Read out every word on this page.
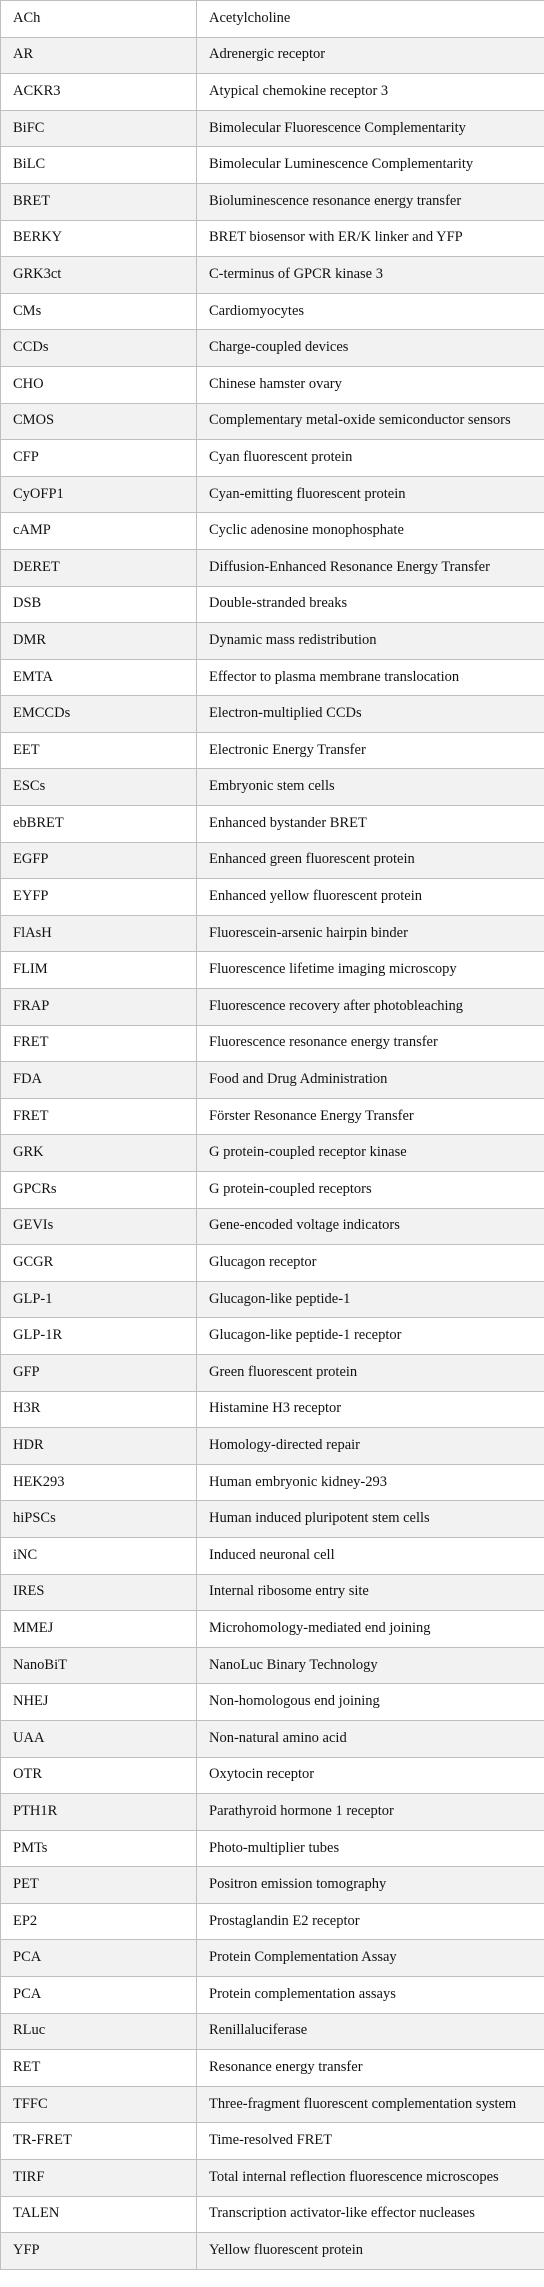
ACh	Acetylcholine
AR	Adrenergic receptor
ACKR3	Atypical chemokine receptor 3
BiFC	Bimolecular Fluorescence Complementarity
BiLC	Bimolecular Luminescence Complementarity
BRET	Bioluminescence resonance energy transfer
BERKY	BRET biosensor with ER/K linker and YFP
GRK3ct	C-terminus of GPCR kinase 3
CMs	Cardiomyocytes
CCDs	Charge-coupled devices
CHO	Chinese hamster ovary
CMOS	Complementary metal-oxide semiconductor sensors
CFP	Cyan fluorescent protein
CyOFP1	Cyan-emitting fluorescent protein
cAMP	Cyclic adenosine monophosphate
DERET	Diffusion-Enhanced Resonance Energy Transfer
DSB	Double-stranded breaks
DMR	Dynamic mass redistribution
EMTA	Effector to plasma membrane translocation
EMCCDs	Electron-multiplied CCDs
EET	Electronic Energy Transfer
ESCs	Embryonic stem cells
ebBRET	Enhanced bystander BRET
EGFP	Enhanced green fluorescent protein
EYFP	Enhanced yellow fluorescent protein
FlAsH	Fluorescein-arsenic hairpin binder
FLIM	Fluorescence lifetime imaging microscopy
FRAP	Fluorescence recovery after photobleaching
FRET	Fluorescence resonance energy transfer
FDA	Food and Drug Administration
FRET	Förster Resonance Energy Transfer
GRK	G protein-coupled receptor kinase
GPCRs	G protein-coupled receptors
GEVIs	Gene-encoded voltage indicators
GCGR	Glucagon receptor
GLP-1	Glucagon-like peptide-1
GLP-1R	Glucagon-like peptide-1 receptor
GFP	Green fluorescent protein
H3R	Histamine H3 receptor
HDR	Homology-directed repair
HEK293	Human embryonic kidney-293
hiPSCs	Human induced pluripotent stem cells
iNC	Induced neuronal cell
IRES	Internal ribosome entry site
MMEJ	Microhomology-mediated end joining
NanoBiT	NanoLuc Binary Technology
NHEJ	Non-homologous end joining
UAA	Non-natural amino acid
OTR	Oxytocin receptor
PTH1R	Parathyroid hormone 1 receptor
PMTs	Photo-multiplier tubes
PET	Positron emission tomography
EP2	Prostaglandin E2 receptor
PCA	Protein Complementation Assay
PCA	Protein complementation assays
RLuc	Renillaluciferase
RET	Resonance energy transfer
TFFC	Three-fragment fluorescent complementation system
TR-FRET	Time-resolved FRET
TIRF	Total internal reflection fluorescence microscopes
TALEN	Transcription activator-like effector nucleases
YFP	Yellow fluorescent protein
